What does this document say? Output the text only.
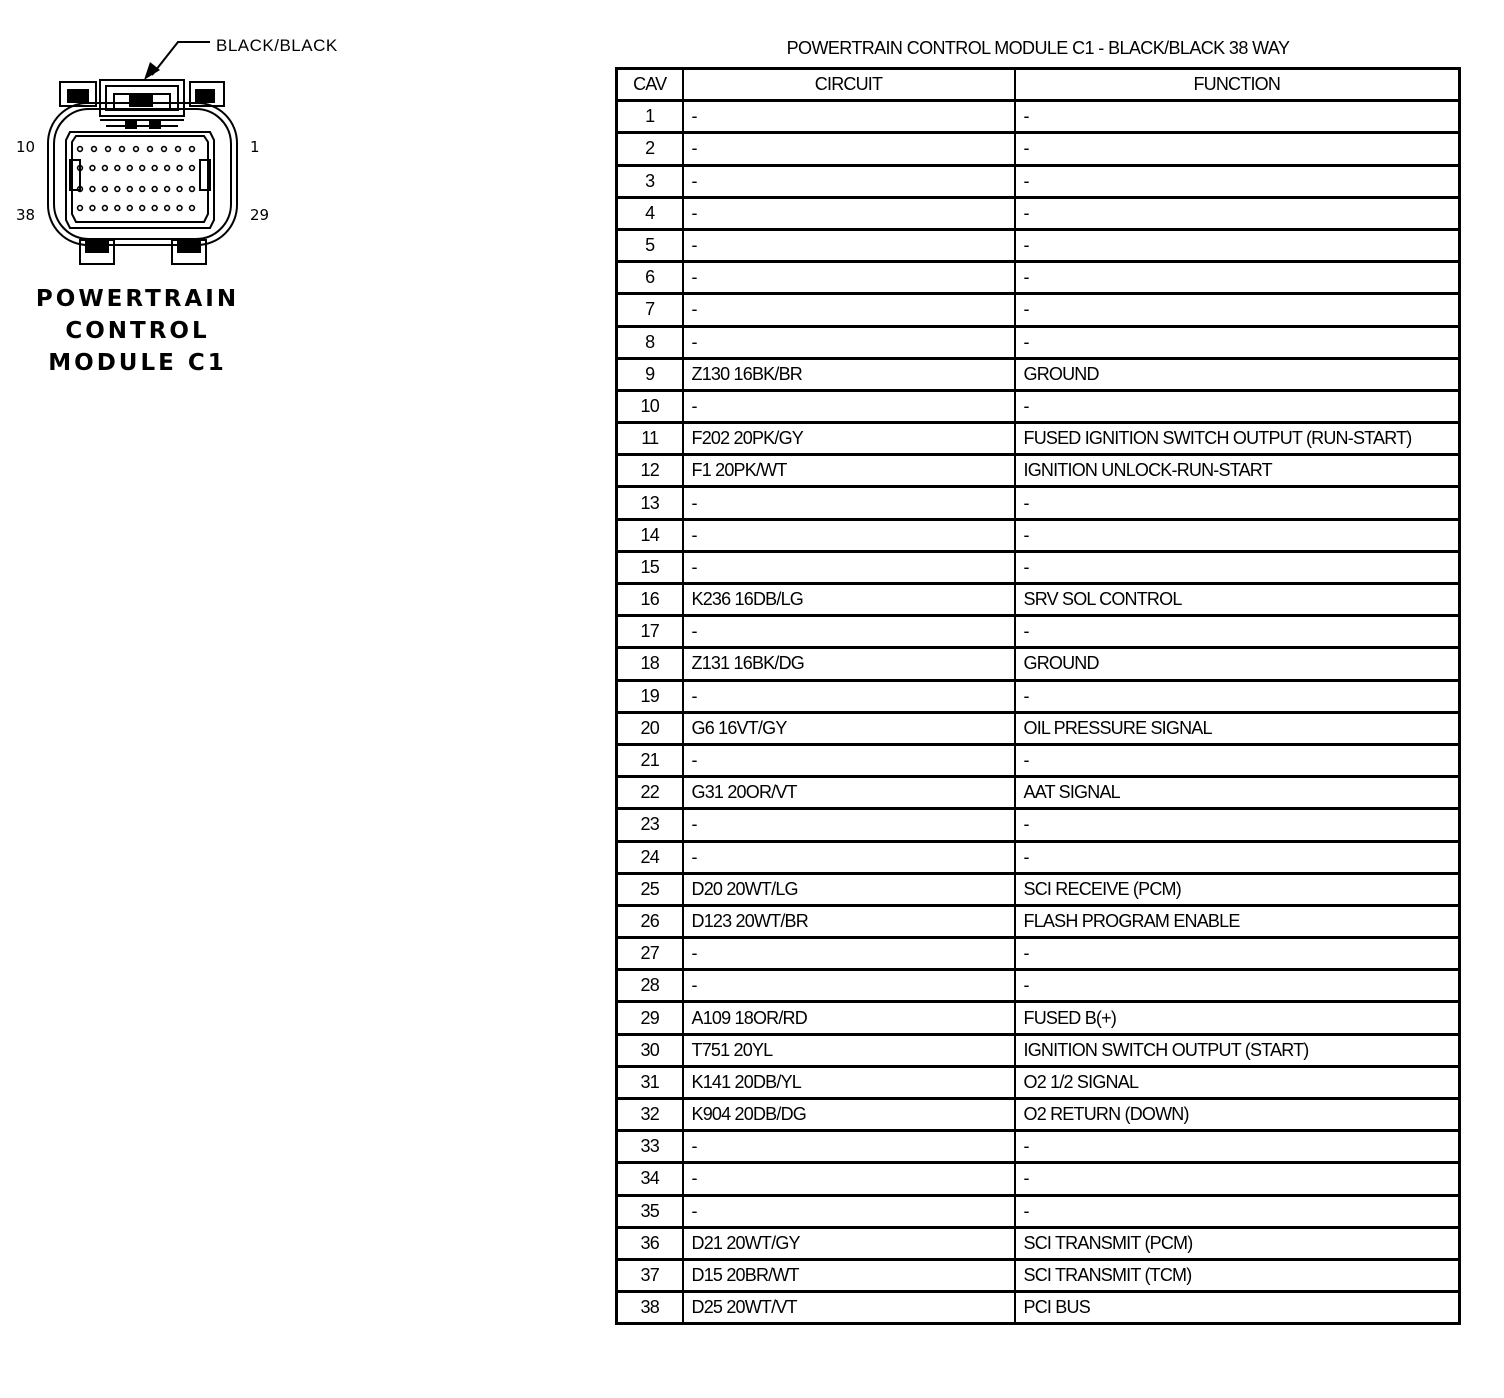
BLACK/BLACK
10	1
38	29
POWERTRAIN
CONTROL
MODULE C1
POWERTRAIN CONTROL MODULE C1 - BLACK/BLACK 38 WAY
CAV	CIRCUIT	FUNCTION
1	-	-
2	-	-
3	-	-
4	-	-
5	-	-
6	-	-
7	-	-
8	-	-
9	Z130 16BK/BR	GROUND
10	-	-
11	F202 20PK/GY	FUSED IGNITION SWITCH OUTPUT (RUN-START)
12	F1 20PK/WT	IGNITION UNLOCK-RUN-START
13	-	-
14	-	-
15	-	-
16	K236 16DB/LG	SRV SOL CONTROL
17	-	-
18	Z131 16BK/DG	GROUND
19	-	-
20	G6 16VT/GY	OIL PRESSURE SIGNAL
21	-	-
22	G31 20OR/VT	AAT SIGNAL
23	-	-
24	-	-
25	D20 20WT/LG	SCI RECEIVE (PCM)
26	D123 20WT/BR	FLASH PROGRAM ENABLE
27	-	-
28	-	-
29	A109 18OR/RD	FUSED B(+)
30	T751 20YL	IGNITION SWITCH OUTPUT (START)
31	K141 20DB/YL	O2 1/2 SIGNAL
32	K904 20DB/DG	O2 RETURN (DOWN)
33	-	-
34	-	-
35	-	-
36	D21 20WT/GY	SCI TRANSMIT (PCM)
37	D15 20BR/WT	SCI TRANSMIT (TCM)
38	D25 20WT/VT	PCI BUS
